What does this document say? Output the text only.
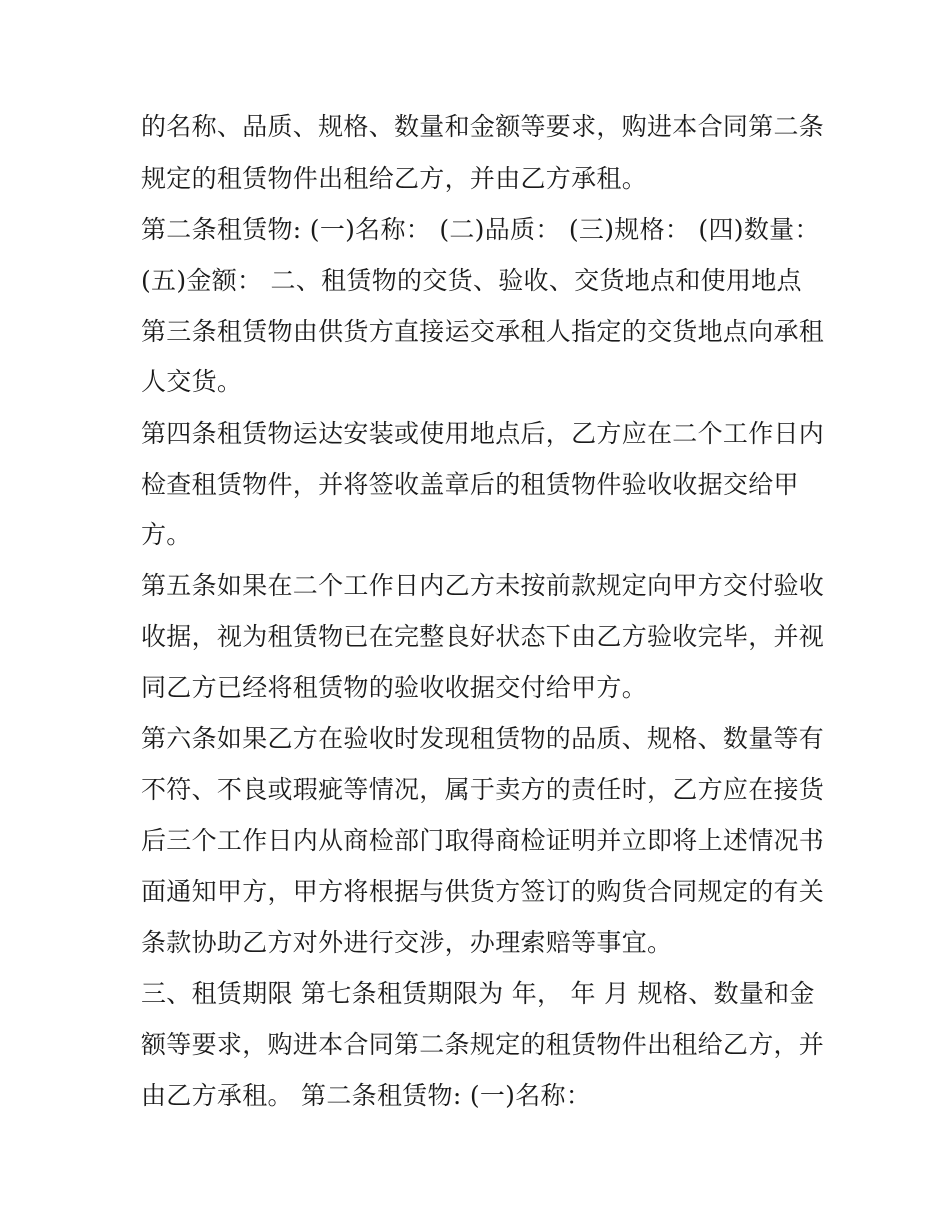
的名称、品质、规格、数量和金额等要求，购进本合同第二条
规定的租赁物件出租给乙方，并由乙方承租。
第二条租赁物: (一)名称： (二)品质： (三)规格： (四)数量：
(五)金额： 二、租赁物的交货、验收、交货地点和使用地点
第三条租赁物由供货方直接运交承租人指定的交货地点向承租
人交货。
第四条租赁物运达安装或使用地点后，乙方应在二个工作日内
检查租赁物件，并将签收盖章后的租赁物件验收收据交给甲
方。
第五条如果在二个工作日内乙方未按前款规定向甲方交付验收
收据，视为租赁物已在完整良好状态下由乙方验收完毕，并视
同乙方已经将租赁物的验收收据交付给甲方。
第六条如果乙方在验收时发现租赁物的品质、规格、数量等有
不符、不良或瑕疵等情况，属于卖方的责任时，乙方应在接货
后三个工作日内从商检部门取得商检证明并立即将上述情况书
面通知甲方，甲方将根据与供货方签订的购货合同规定的有关
条款协助乙方对外进行交涉，办理索赔等事宜。
三、租赁期限 第七条租赁期限为 年， 年 月 规格、数量和金
额等要求，购进本合同第二条规定的租赁物件出租给乙方，并
由乙方承租。 第二条租赁物: (一)名称：
